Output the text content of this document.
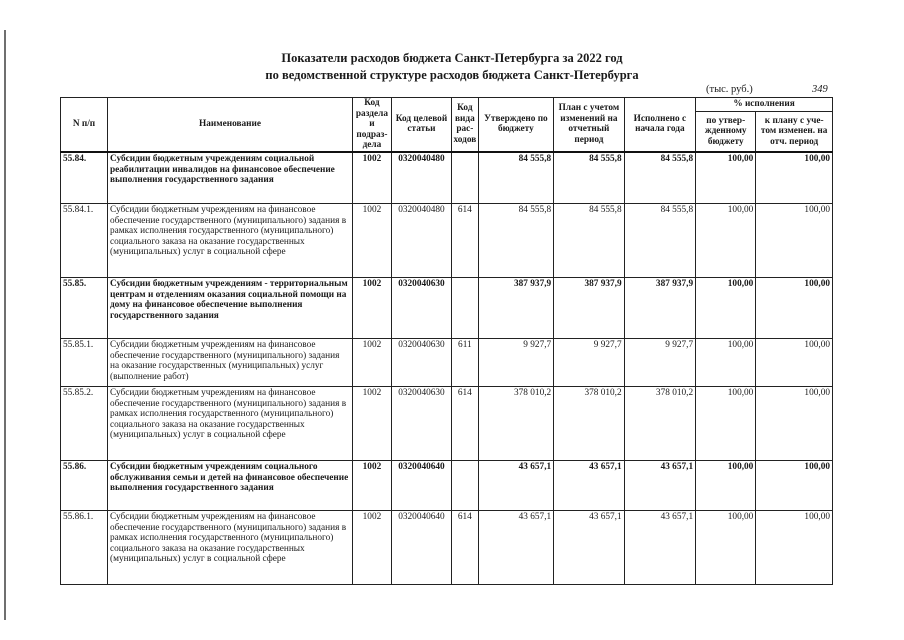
Показатели расходов бюджета Санкт-Петербурга за 2022 год
по ведомственной структуре расходов бюджета Санкт-Петербурга
(тыс. руб.)	349
N п/п	Наименование	Код раздела и подраз-дела	Код целевой статьи	Код вида рас-ходов	Утверждено по бюджету	План с учетом изменений на отчетный период	Исполнено с начала года	% исполнения	
								по утвер-жденному бюджету	к плану с уче-том изменен. на отч. период
55.84.	Субсидии бюджетным учреждениям социальной реабилитации инвалидов на финансовое обеспечение выполнения государственного задания	1002	0320040480		84 555,8	84 555,8	84 555,8	100,00	100,00
55.84.1.	Субсидии бюджетным учреждениям на финансовое обеспечение государственного (муниципального) задания в рамках исполнения государственного (муниципального) социального заказа на оказание государственных (муниципальных) услуг в социальной сфере	1002	0320040480	614	84 555,8	84 555,8	84 555,8	100,00	100,00
55.85.	Субсидии бюджетным учреждениям - территориальным центрам и отделениям оказания социальной помощи на дому на финансовое обеспечение выполнения государственного задания	1002	0320040630		387 937,9	387 937,9	387 937,9	100,00	100,00
55.85.1.	Субсидии бюджетным учреждениям на финансовое обеспечение государственного (муниципального) задания на оказание государственных (муниципальных) услуг (выполнение работ)	1002	0320040630	611	9 927,7	9 927,7	9 927,7	100,00	100,00
55.85.2.	Субсидии бюджетным учреждениям на финансовое обеспечение государственного (муниципального) задания в рамках исполнения государственного (муниципального) социального заказа на оказание государственных (муниципальных) услуг в социальной сфере	1002	0320040630	614	378 010,2	378 010,2	378 010,2	100,00	100,00
55.86.	Субсидии бюджетным учреждениям социального обслуживания семьи и детей на финансовое обеспечение выполнения государственного задания	1002	0320040640		43 657,1	43 657,1	43 657,1	100,00	100,00
55.86.1.	Субсидии бюджетным учреждениям на финансовое обеспечение государственного (муниципального) задания в рамках исполнения государственного (муниципального) социального заказа на оказание государственных (муниципальных) услуг в социальной сфере	1002	0320040640	614	43 657,1	43 657,1	43 657,1	100,00	100,00
